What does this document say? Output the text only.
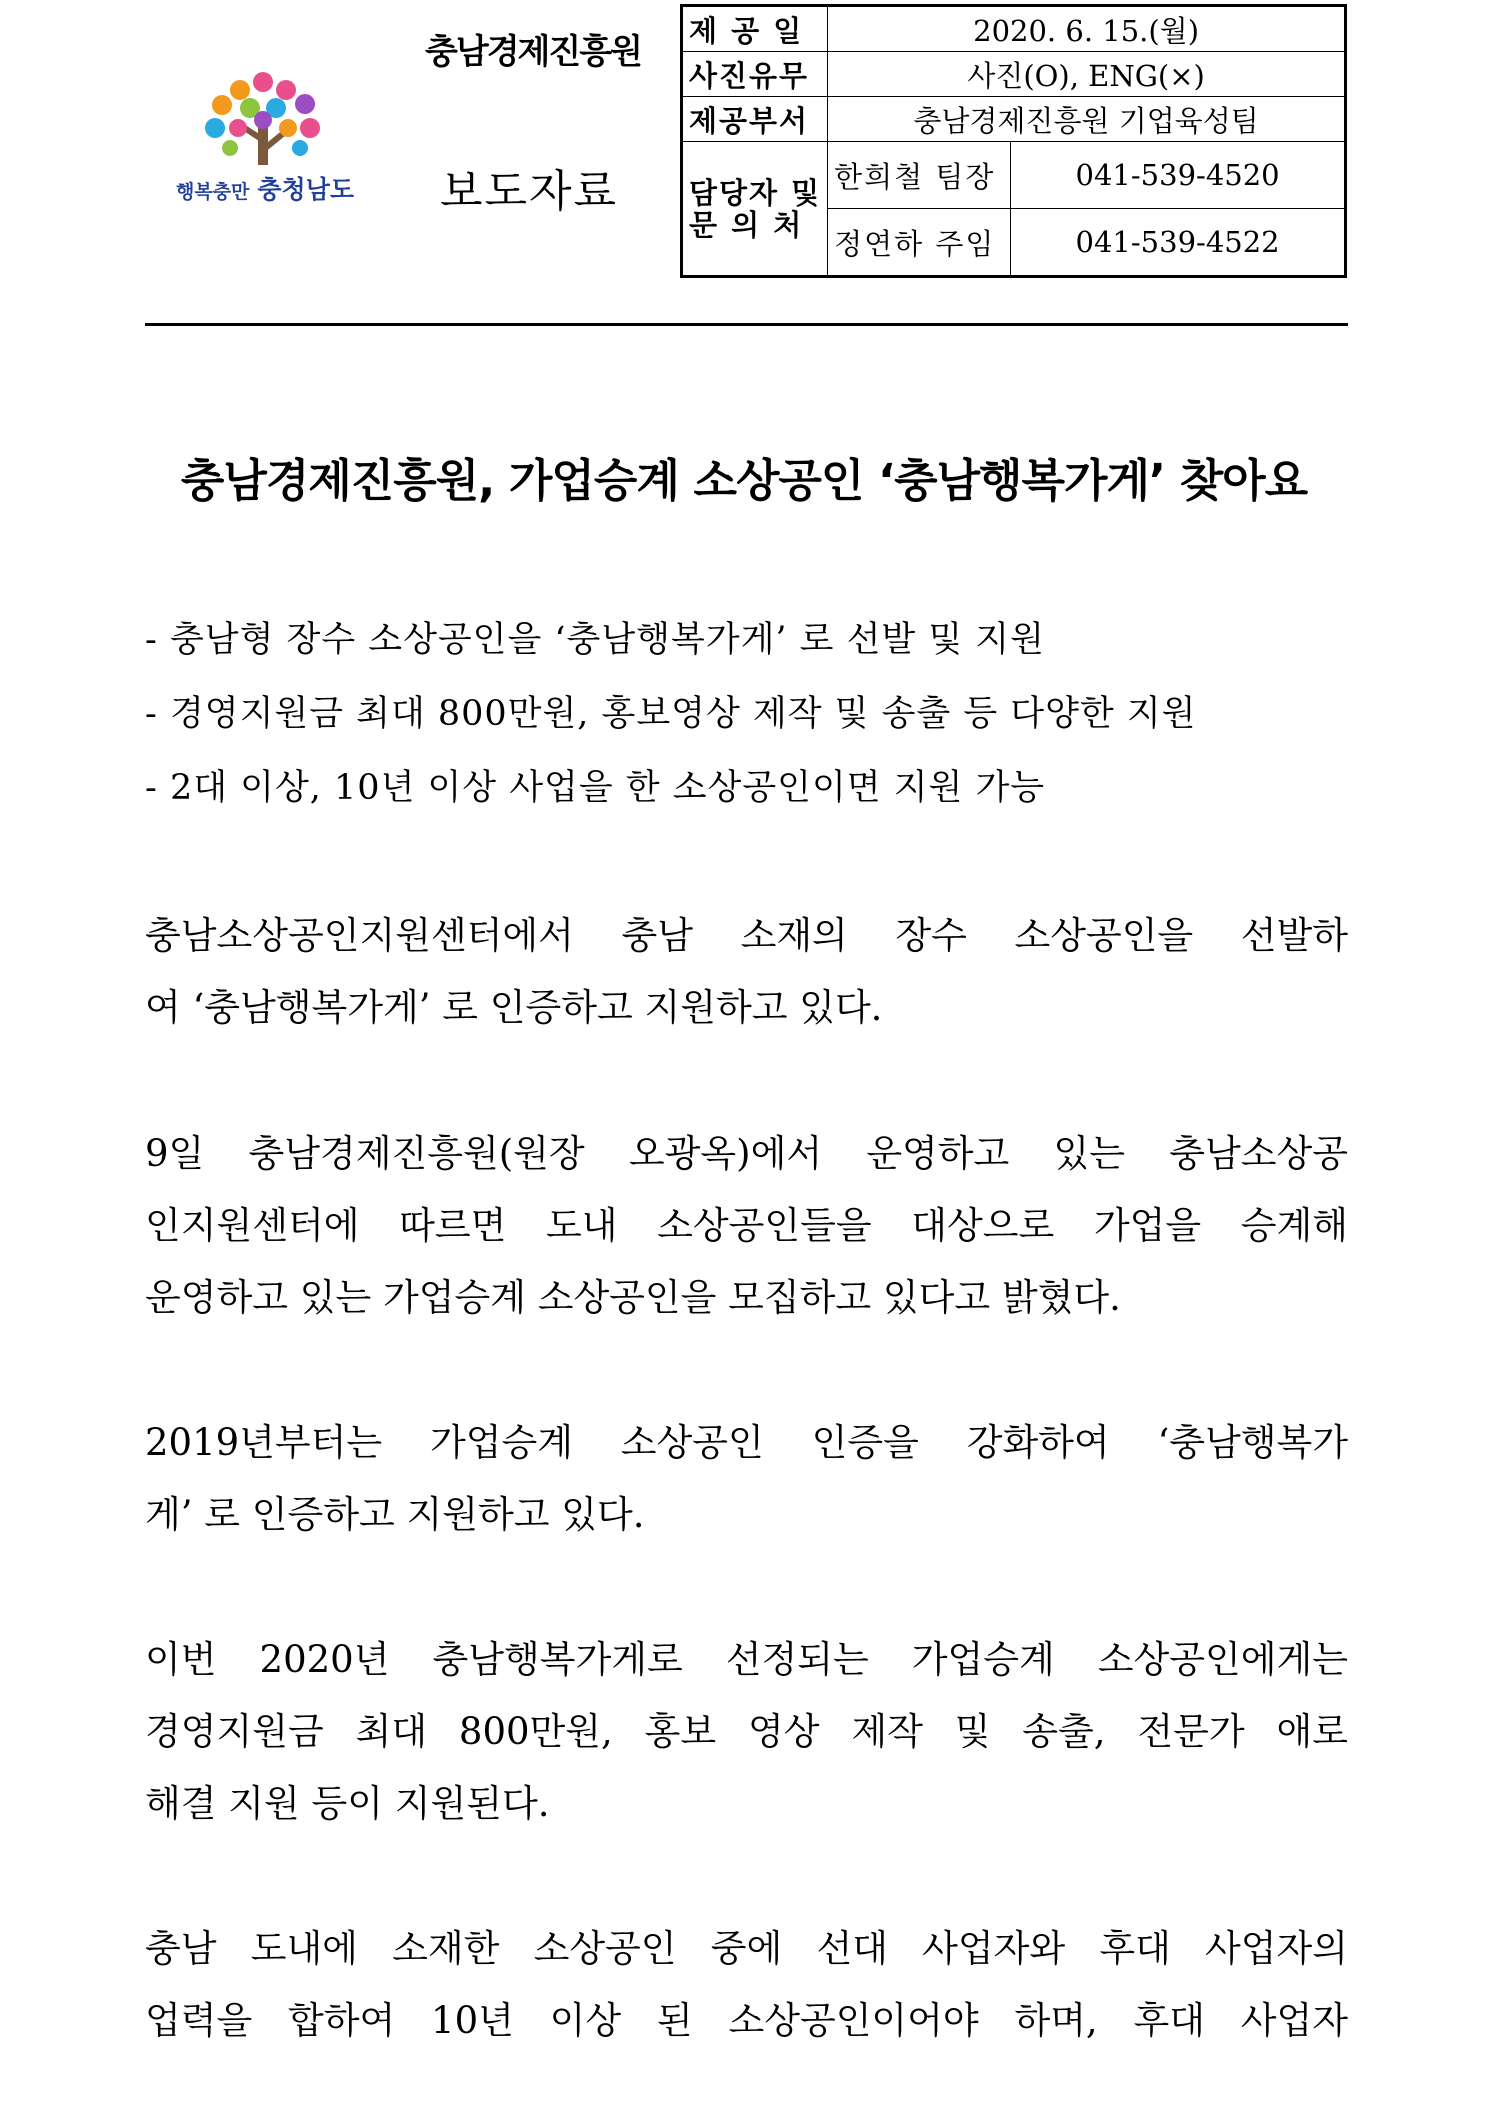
행복충만 충청남도
충남경제진흥원
보도자료
제 공 일	2020. 6. 15.(월)	
사진유무	사진(O), ENG(×)	
제공부서	충남경제진흥원 기업육성팀	

담당자 및
문 의 처	한희철 팀장	041-539-4520
	정연하 주임	041-539-4522
충남경제진흥원, 가업승계 소상공인 ‘충남행복가게’ 찾아요
- 충남형 장수 소상공인을 ‘충남행복가게’ 로 선발 및 지원
- 경영지원금 최대 800만원, 홍보영상 제작 및 송출 등 다양한 지원
- 2대 이상, 10년 이상 사업을 한 소상공인이면 지원 가능
충남소상공인지원센터에서 충남 소재의 장수 소상공인을 선발하
여 ‘충남행복가게’ 로 인증하고 지원하고 있다.
9일 충남경제진흥원(원장 오광옥)에서 운영하고 있는 충남소상공
인지원센터에 따르면 도내 소상공인들을 대상으로 가업을 승계해
운영하고 있는 가업승계 소상공인을 모집하고 있다고 밝혔다.
2019년부터는 가업승계 소상공인 인증을 강화하여 ‘충남행복가
게’ 로 인증하고 지원하고 있다.
이번 2020년 충남행복가게로 선정되는 가업승계 소상공인에게는
경영지원금 최대 800만원, 홍보 영상 제작 및 송출, 전문가 애로
해결 지원 등이 지원된다.
충남 도내에 소재한 소상공인 중에 선대 사업자와 후대 사업자의
업력을 합하여 10년 이상 된 소상공인이어야 하며, 후대 사업자
